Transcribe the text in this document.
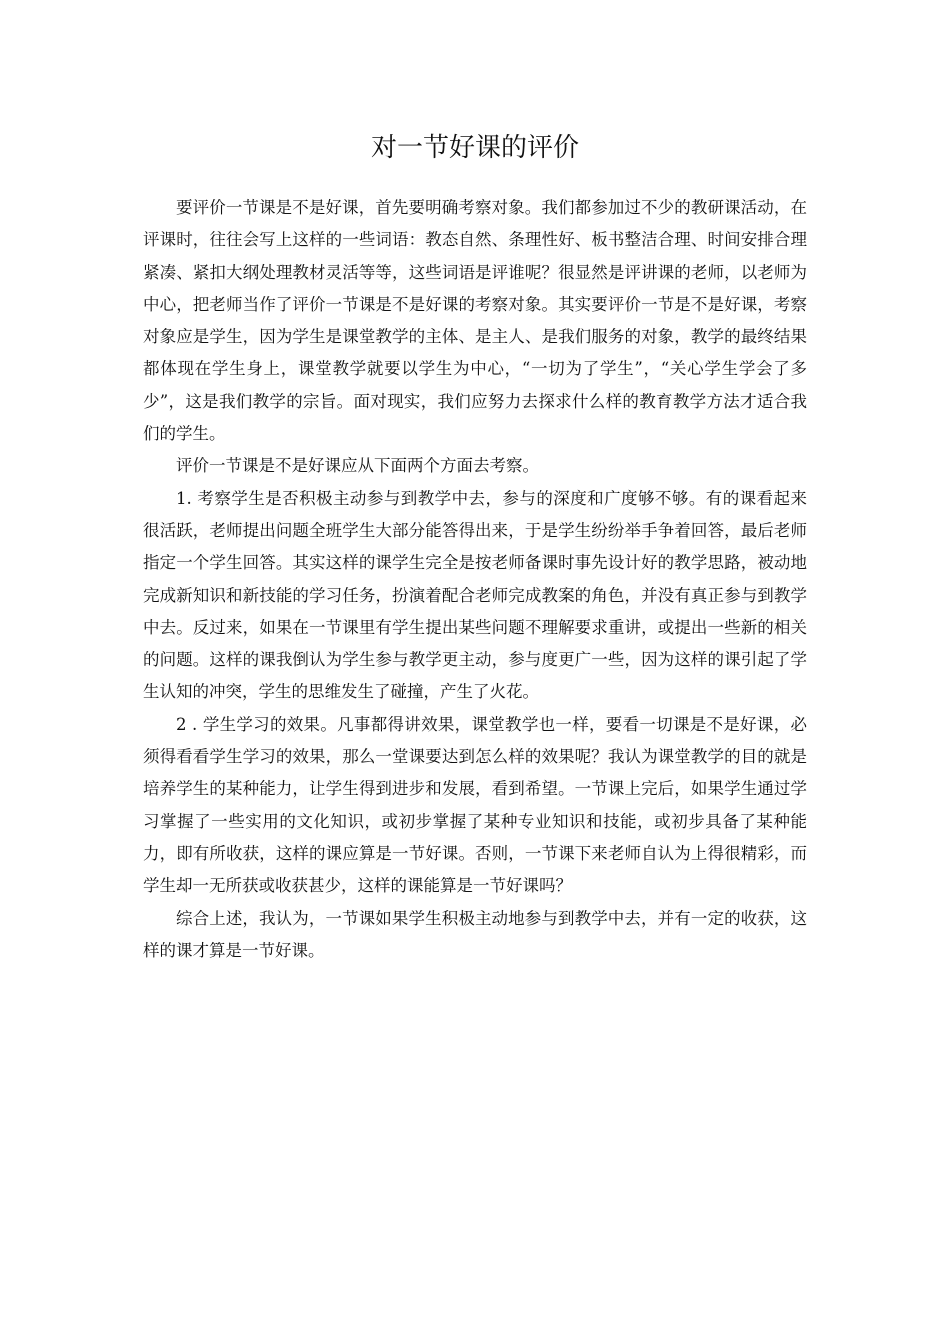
对一节好课的评价

要评价一节课是不是好课，首先要明确考察对象。我们都参加过不少的教研课活动，在评课时，往往会写上这样的一些词语：教态自然、条理性好、板书整洁合理、时间安排合理紧凑、紧扣大纲处理教材灵活等等，这些词语是评谁呢？很显然是评讲课的老师，以老师为中心，把老师当作了评价一节课是不是好课的考察对象。其实要评价一节是不是好课，考察对象应是学生，因为学生是课堂教学的主体、是主人、是我们服务的对象，教学的最终结果都体现在学生身上，课堂教学就要以学生为中心，“一切为了学生”，“关心学生学会了多少”，这是我们教学的宗旨。面对现实，我们应努力去探求什么样的教育教学方法才适合我们的学生。

评价一节课是不是好课应从下面两个方面去考察。

1. 考察学生是否积极主动参与到教学中去，参与的深度和广度够不够。有的课看起来很活跃，老师提出问题全班学生大部分能答得出来，于是学生纷纷举手争着回答，最后老师指定一个学生回答。其实这样的课学生完全是按老师备课时事先设计好的教学思路，被动地完成新知识和新技能的学习任务，扮演着配合老师完成教案的角色，并没有真正参与到教学中去。反过来，如果在一节课里有学生提出某些问题不理解要求重讲，或提出一些新的相关的问题。这样的课我倒认为学生参与教学更主动，参与度更广一些，因为这样的课引起了学生认知的冲突，学生的思维发生了碰撞，产生了火花。

2 . 学生学习的效果。凡事都得讲效果，课堂教学也一样，要看一切课是不是好课，必须得看看学生学习的效果，那么一堂课要达到怎么样的效果呢？我认为课堂教学的目的就是培养学生的某种能力，让学生得到进步和发展，看到希望。一节课上完后，如果学生通过学习掌握了一些实用的文化知识，或初步掌握了某种专业知识和技能，或初步具备了某种能力，即有所收获，这样的课应算是一节好课。否则，一节课下来老师自认为上得很精彩，而学生却一无所获或收获甚少，这样的课能算是一节好课吗？

综合上述，我认为，一节课如果学生积极主动地参与到教学中去，并有一定的收获，这样的课才算是一节好课。
